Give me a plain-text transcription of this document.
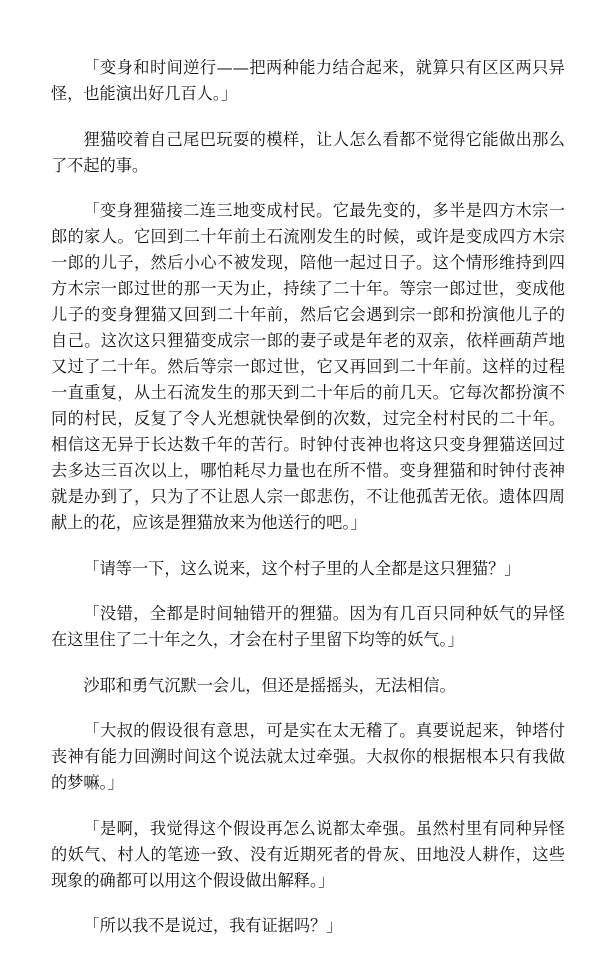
「变身和时间逆行——把两种能力结合起来，就算只有区区两只异怪，也能演出好几百人。」

狸猫咬着自己尾巴玩耍的模样，让人怎么看都不觉得它能做出那么了不起的事。

「变身狸猫接二连三地变成村民。它最先变的，多半是四方木宗一郎的家人。它回到二十年前土石流刚发生的时候，或许是变成四方木宗一郎的儿子，然后小心不被发现，陪他一起过日子。这个情形维持到四方木宗一郎过世的那一天为止，持续了二十年。等宗一郎过世，变成他儿子的变身狸猫又回到二十年前，然后它会遇到宗一郎和扮演他儿子的自己。这次这只狸猫变成宗一郎的妻子或是年老的双亲，依样画葫芦地又过了二十年。然后等宗一郎过世，它又再回到二十年前。这样的过程一直重复，从土石流发生的那天到二十年后的前几天。它每次都扮演不同的村民，反复了令人光想就快晕倒的次数，过完全村村民的二十年。相信这无异于长达数千年的苦行。时钟付丧神也将这只变身狸猫送回过去多达三百次以上，哪怕耗尽力量也在所不惜。变身狸猫和时钟付丧神就是办到了，只为了不让恩人宗一郎悲伤，不让他孤苦无依。遗体四周献上的花，应该是狸猫放来为他送行的吧。」

「请等一下，这么说来，这个村子里的人全都是这只狸猫？」

「没错，全都是时间轴错开的狸猫。因为有几百只同种妖气的异怪在这里住了二十年之久，才会在村子里留下均等的妖气。」

沙耶和勇气沉默一会儿，但还是摇摇头，无法相信。

「大叔的假设很有意思，可是实在太无稽了。真要说起来，钟塔付丧神有能力回溯时间这个说法就太过牵强。大叔你的根据根本只有我做的梦嘛。」

「是啊，我觉得这个假设再怎么说都太牵强。虽然村里有同种异怪的妖气、村人的笔迹一致、没有近期死者的骨灰、田地没人耕作，这些现象的确都可以用这个假设做出解释。」

「所以我不是说过，我有证据吗？」
